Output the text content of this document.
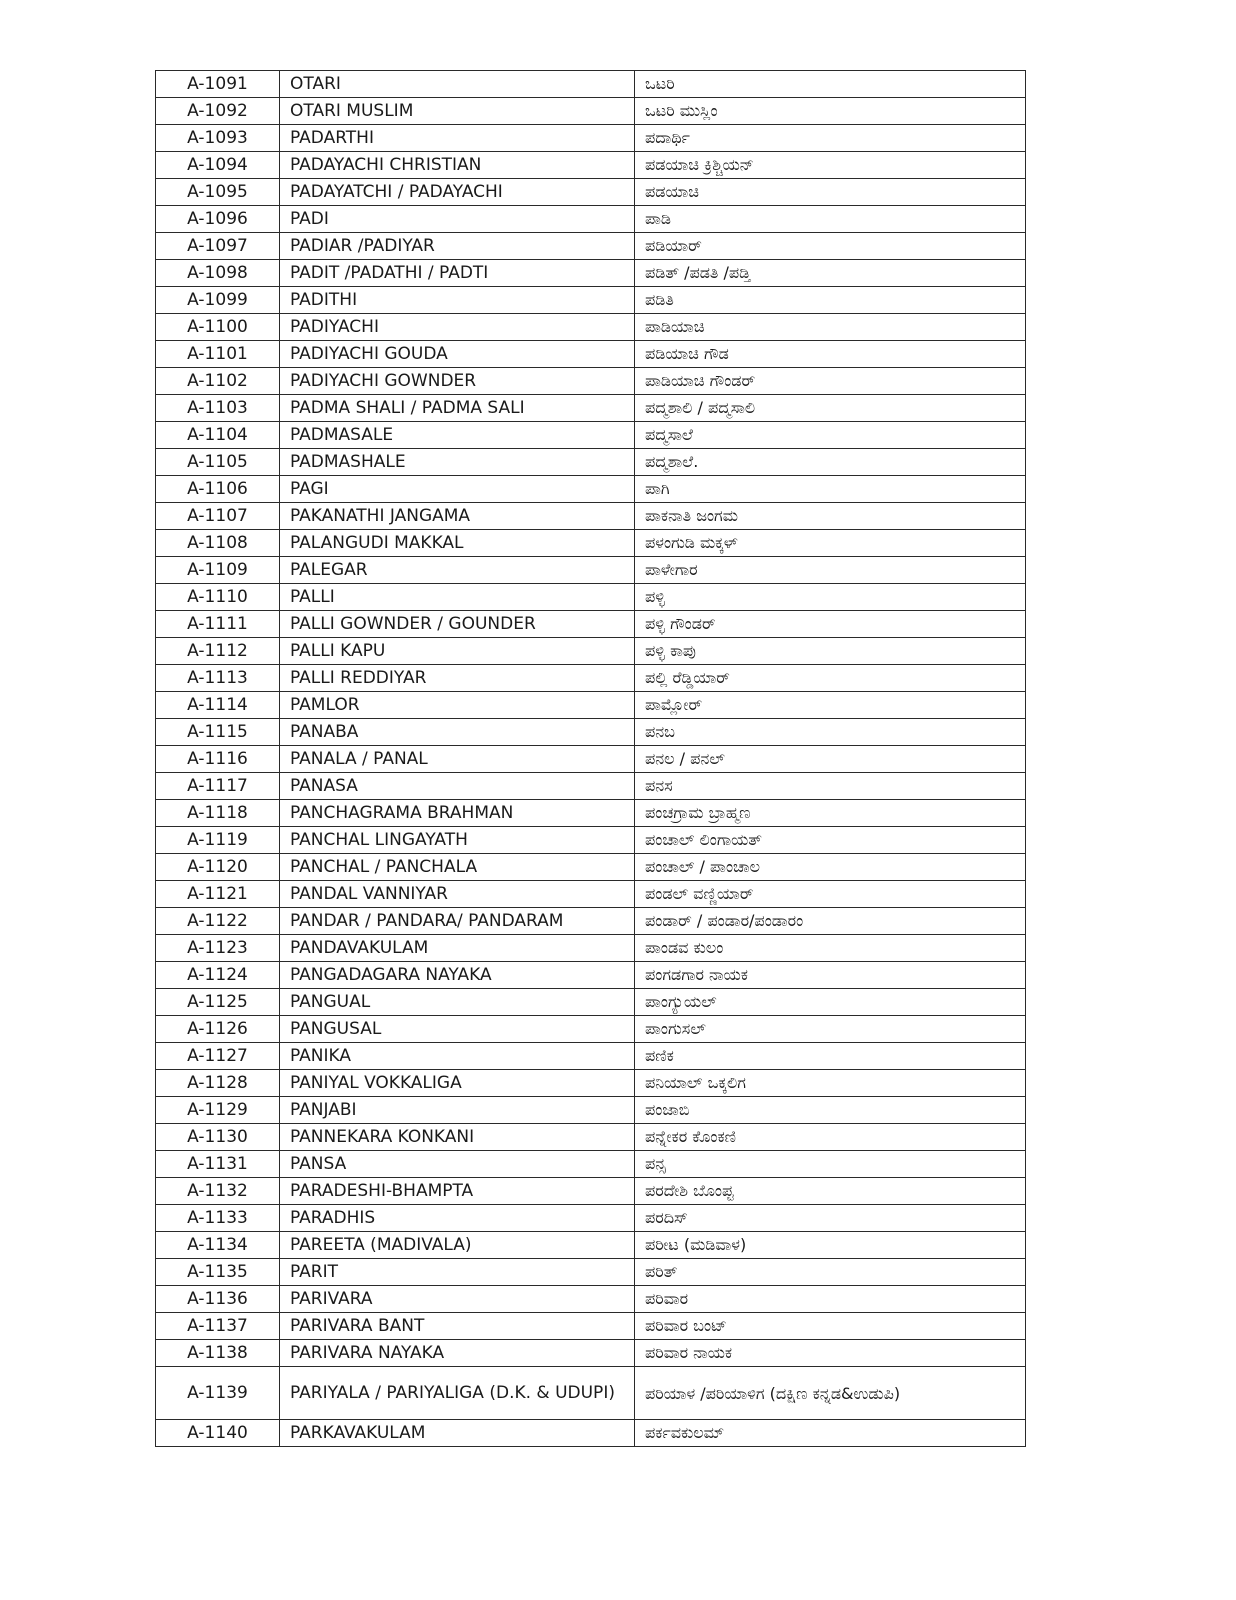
A-1091	OTARI	ಒಟರಿ
A-1092	OTARI MUSLIM	ಒಟರಿ ಮುಸ್ಲಿಂ
A-1093	PADARTHI	ಪದಾರ್ಥಿ
A-1094	PADAYACHI CHRISTIAN	ಪಡಯಾಚಿ ಕ್ರಿಶ್ಚಿಯನ್
A-1095	PADAYATCHI / PADAYACHI	ಪಡಯಾಚಿ
A-1096	PADI	ಪಾಡಿ
A-1097	PADIAR /PADIYAR	ಪಡಿಯಾರ್
A-1098	PADIT /PADATHI / PADTI	ಪಡಿತ್ /ಪಡತಿ /ಪಡ್ತಿ
A-1099	PADITHI	ಪಡಿತಿ
A-1100	PADIYACHI	ಪಾಡಿಯಾಚಿ
A-1101	PADIYACHI GOUDA	ಪಡಿಯಾಚಿ ಗೌಡ
A-1102	PADIYACHI GOWNDER	ಪಾಡಿಯಾಚಿ ಗೌಂಡರ್
A-1103	PADMA SHALI / PADMA SALI	ಪದ್ಮಶಾಲಿ / ಪದ್ಮಸಾಲಿ
A-1104	PADMASALE	ಪದ್ಮಸಾಲೆ
A-1105	PADMASHALE	ಪದ್ಮಶಾಲೆ.
A-1106	PAGI	ಪಾಗಿ
A-1107	PAKANATHI JANGAMA	ಪಾಕನಾತಿ ಜಂಗಮ
A-1108	PALANGUDI MAKKAL	ಪಳಂಗುಡಿ ಮಕ್ಕಳ್
A-1109	PALEGAR	ಪಾಳೇಗಾರ
A-1110	PALLI	ಪಳ್ಳಿ
A-1111	PALLI GOWNDER / GOUNDER	ಪಳ್ಳಿ ಗೌಂಡರ್
A-1112	PALLI KAPU	ಪಳ್ಳಿ ಕಾಪು
A-1113	PALLI REDDIYAR	ಪಲ್ಲಿ ರೆಡ್ಡಿಯಾರ್
A-1114	PAMLOR	ಪಾಮ್ಲೋರ್
A-1115	PANABA	ಪನಬ
A-1116	PANALA / PANAL	ಪನಲ / ಪನಲ್
A-1117	PANASA	ಪನಸ
A-1118	PANCHAGRAMA BRAHMAN	ಪಂಚಗ್ರಾಮ ಬ್ರಾಹ್ಮಣ
A-1119	PANCHAL LINGAYATH	ಪಂಚಾಲ್ ಲಿಂಗಾಯತ್
A-1120	PANCHAL / PANCHALA	ಪಂಚಾಲ್ / ಪಾಂಚಾಲ
A-1121	PANDAL VANNIYAR	ಪಂಡಲ್ ವಣ್ಣಿಯಾರ್
A-1122	PANDAR / PANDARA/ PANDARAM	ಪಂಡಾರ್ / ಪಂಡಾರ/ಪಂಡಾರಂ
A-1123	PANDAVAKULAM	ಪಾಂಡವ ಕುಲಂ
A-1124	PANGADAGARA NAYAKA	ಪಂಗಡಗಾರ ನಾಯಕ
A-1125	PANGUAL	ಪಾಂಗ್ಯುಯಲ್
A-1126	PANGUSAL	ಪಾಂಗುಸಲ್
A-1127	PANIKA	ಪಣಿಕ
A-1128	PANIYAL VOKKALIGA	ಪನಿಯಾಲ್ ಒಕ್ಕಲಿಗ
A-1129	PANJABI	ಪಂಜಾಬಿ
A-1130	PANNEKARA KONKANI	ಪನ್ನೇಕರ ಕೊಂಕಣಿ
A-1131	PANSA	ಪನ್ಸ
A-1132	PARADESHI-BHAMPTA	ಪರದೇಶಿ ಬೊಂಪ್ಟ
A-1133	PARADHIS	ಪರದಿಸ್
A-1134	PAREETA (MADIVALA)	ಪರೀಟ (ಮಡಿವಾಳ)
A-1135	PARIT	ಪರಿತ್
A-1136	PARIVARA	ಪರಿವಾರ
A-1137	PARIVARA BANT	ಪರಿವಾರ ಬಂಟ್
A-1138	PARIVARA NAYAKA	ಪರಿವಾರ ನಾಯಕ
A-1139	PARIYALA / PARIYALIGA (D.K. & UDUPI)	ಪರಿಯಾಳ /ಪರಿಯಾಳಿಗ (ದಕ್ಷಿಣ ಕನ್ನಡ&ಉಡುಪಿ)
A-1140	PARKAVAKULAM	ಪರ್ಕವಕುಲಮ್
